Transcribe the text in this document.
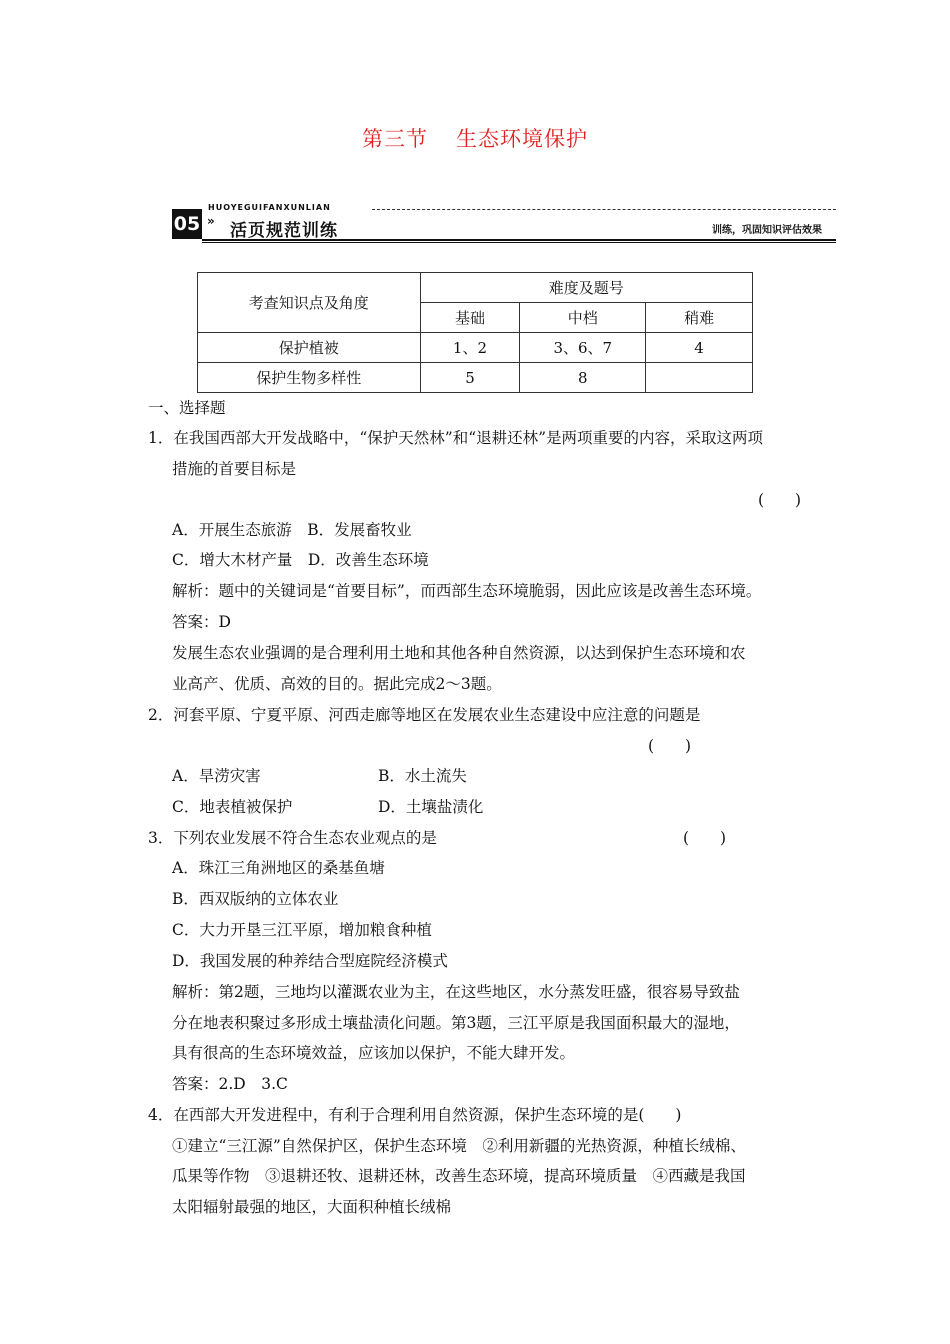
第三节 生态环境保护
HUOYEGUIFANXUNLIAN
05 » 活页规范训练	训练，巩固知识评估效果
考查知识点及角度	难度及题号		
	基础	中档	稍难
保护植被	1、2	3、6、7	4
保护生物多样性	5	8	
一、选择题
1．在我国西部大开发战略中，“保护天然林”和“退耕还林”是两项重要的内容，采取这两项
措施的首要目标是
(　　)
A．开展生态旅游　B．发展畜牧业
C．增大木材产量　D．改善生态环境
解析：题中的关键词是“首要目标”，而西部生态环境脆弱，因此应该是改善生态环境。
答案：D
发展生态农业强调的是合理利用土地和其他各种自然资源，以达到保护生态环境和农
业高产、优质、高效的目的。据此完成2～3题。
2．河套平原、宁夏平原、河西走廊等地区在发展农业生态建设中应注意的问题是
(　　)
A．旱涝灾害	B．水土流失
C．地表植被保护	D．土壤盐渍化
3．下列农业发展不符合生态农业观点的是	(　　)
A．珠江三角洲地区的桑基鱼塘
B．西双版纳的立体农业
C．大力开垦三江平原，增加粮食种植
D．我国发展的种养结合型庭院经济模式
解析：第2题，三地均以灌溉农业为主，在这些地区，水分蒸发旺盛，很容易导致盐
分在地表积聚过多形成土壤盐渍化问题。第3题，三江平原是我国面积最大的湿地，
具有很高的生态环境效益，应该加以保护，不能大肆开发。
答案：2.D　3.C
4．在西部大开发进程中，有利于合理利用自然资源，保护生态环境的是(　　)
①建立“三江源”自然保护区，保护生态环境　②利用新疆的光热资源，种植长绒棉、
瓜果等作物　③退耕还牧、退耕还林，改善生态环境，提高环境质量　④西藏是我国
太阳辐射最强的地区，大面积种植长绒棉
